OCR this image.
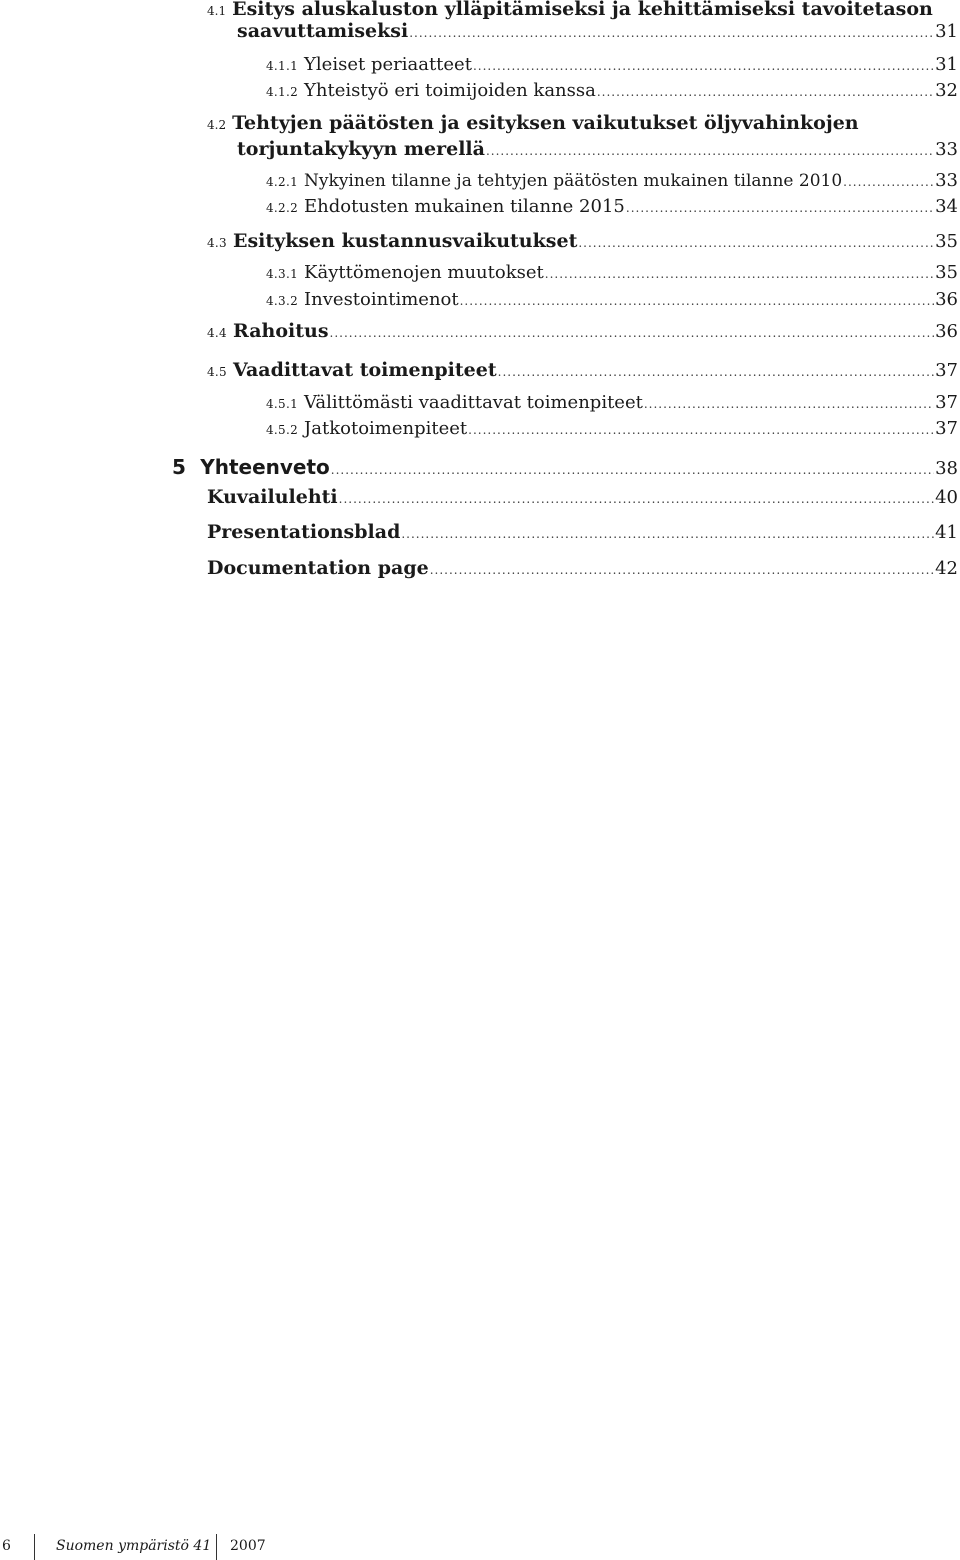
4.1 Esitys aluskaluston ylläpitämiseksi ja kehittämiseksi tavoitetason
saavuttamiseksi .....	31
4.1.1 Yleiset periaatteet .....	31
4.1.2 Yhteistyö eri toimijoiden kanssa .....	32
4.2 Tehtyjen päätösten ja esityksen vaikutukset öljyvahinkojen
torjuntakykyyn merellä .....	33
4.2.1 Nykyinen tilanne ja tehtyjen päätösten mukainen tilanne 2010 .....	33
4.2.2 Ehdotusten mukainen tilanne 2015 .....	34
4.3 Esityksen kustannusvaikutukset .....	35
4.3.1 Käyttömenojen muutokset .....	35
4.3.2 Investointimenot .....	36
4.4 Rahoitus .....	36
4.5 Vaadittavat toimenpiteet .....	37
4.5.1 Välittömästi vaadittavat toimenpiteet .....	37
4.5.2 Jatkotoimenpiteet .....	37
5 Yhteenveto .....	38
Kuvailulehti .....	40
Presentationsblad .....	41
Documentation page .....	42
6	Suomen ympäristö 41 2007
